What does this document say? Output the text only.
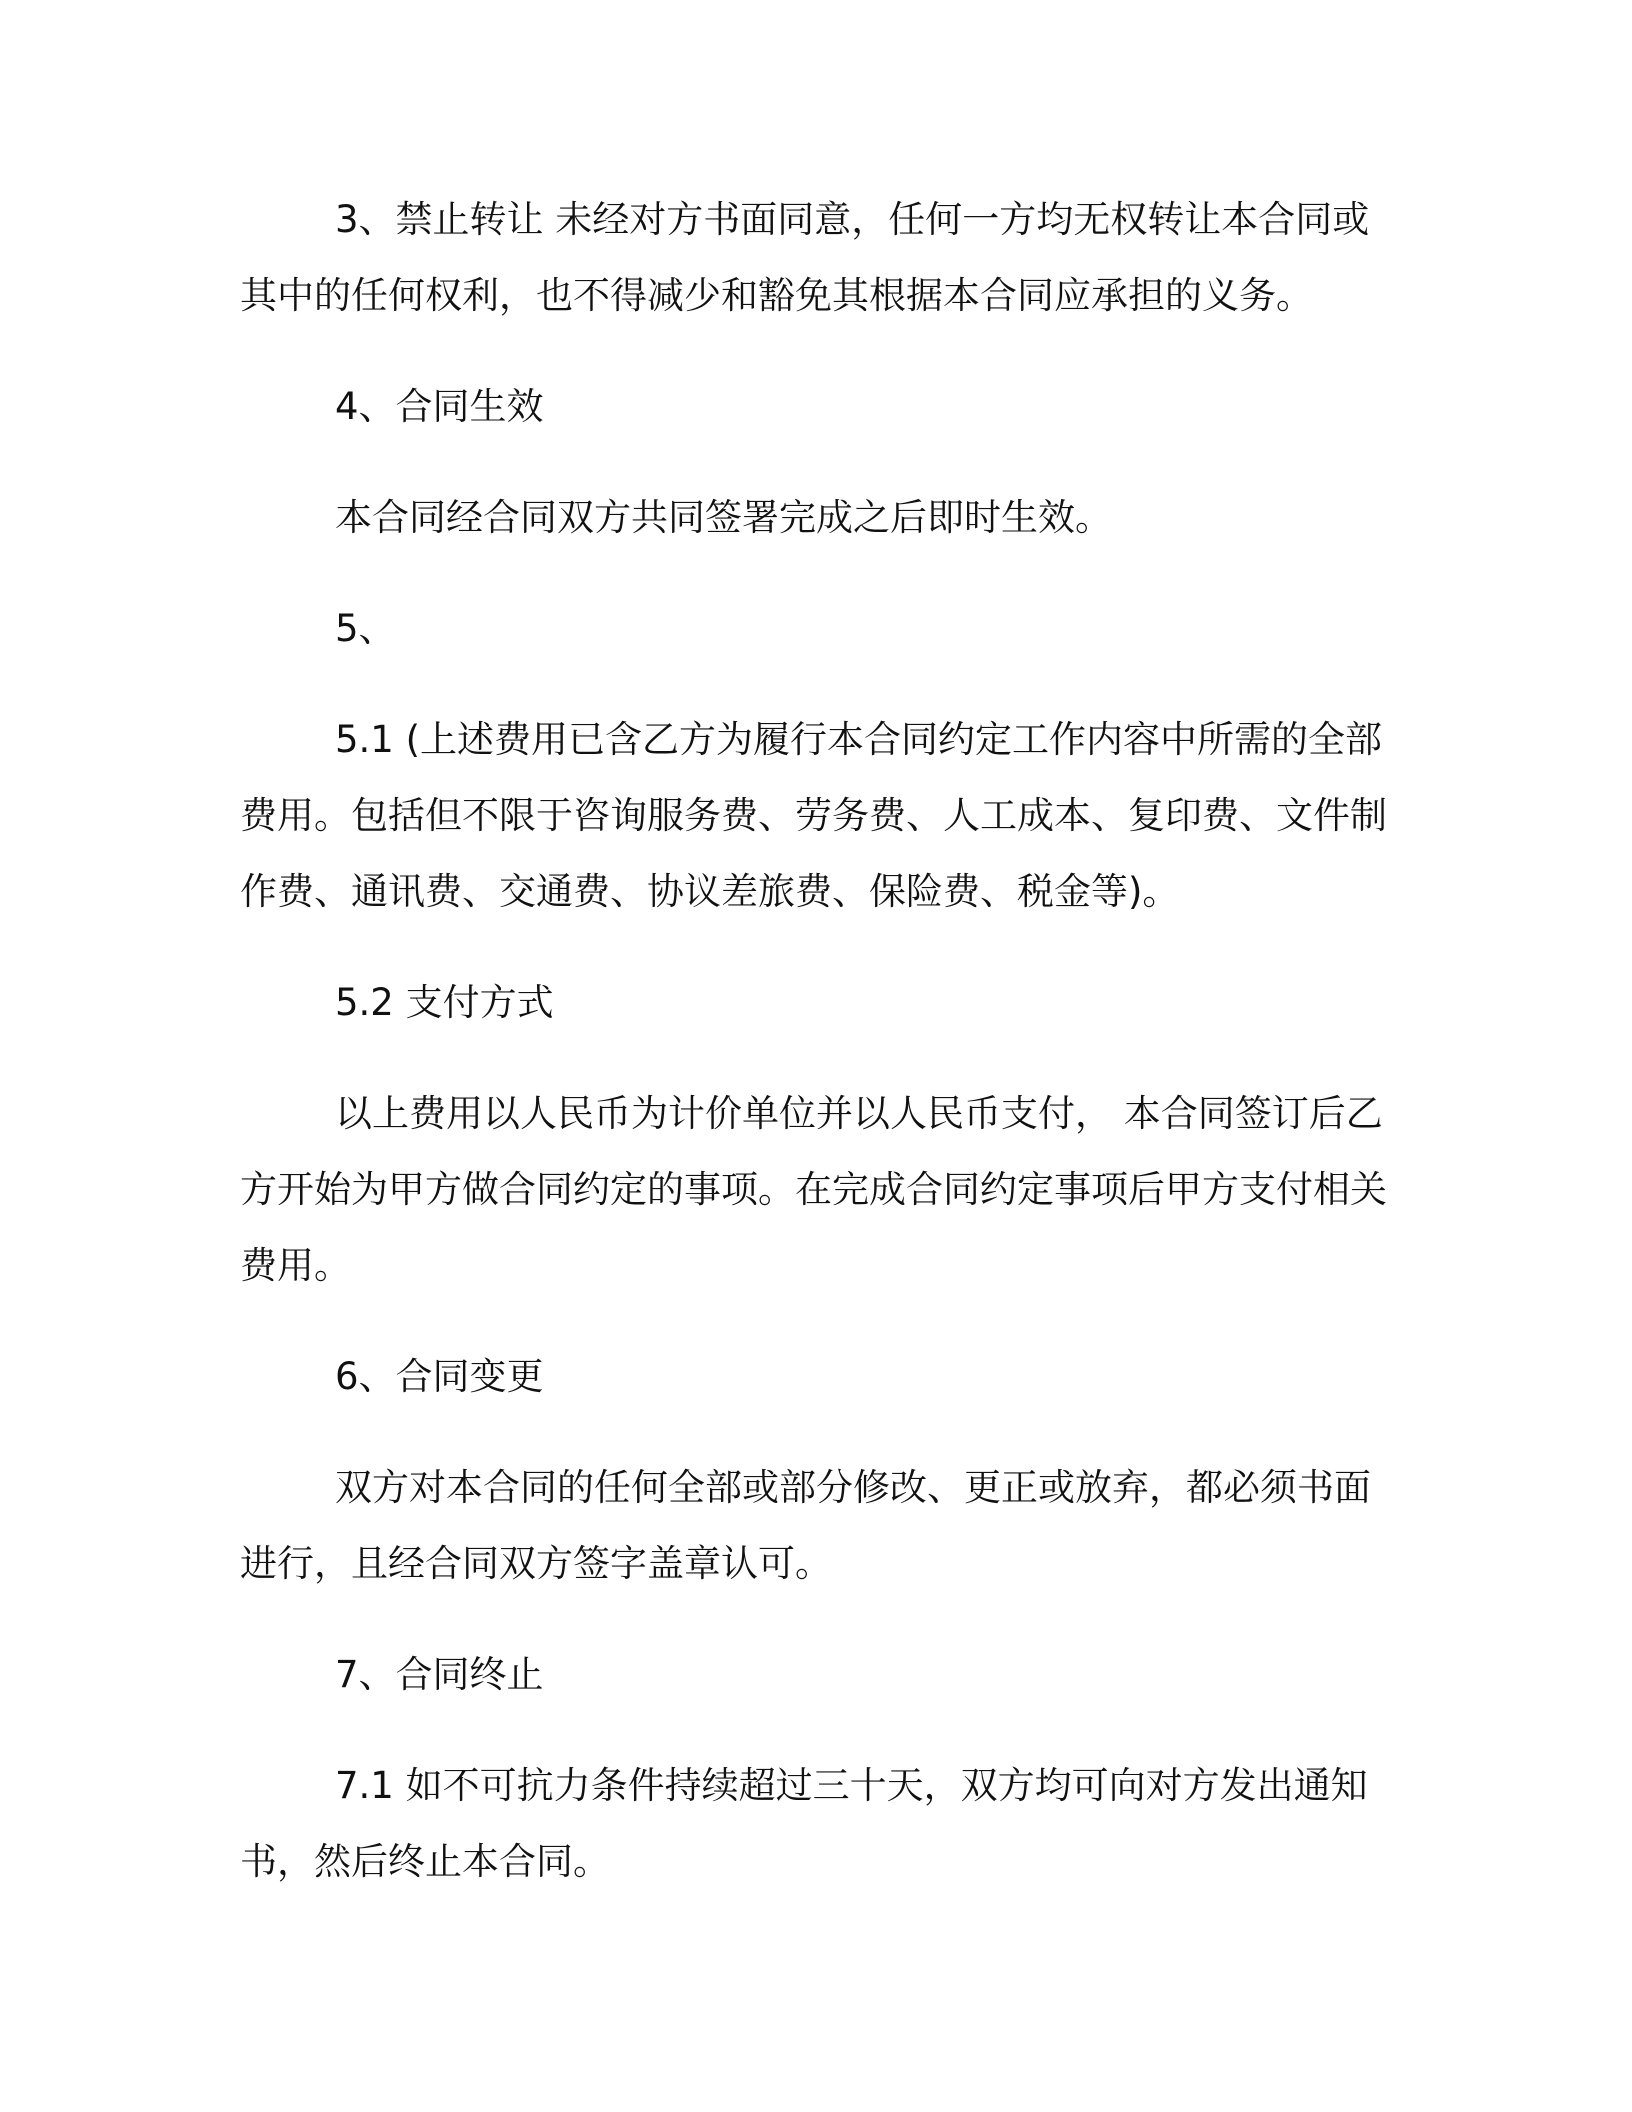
3、禁止转让 未经对方书面同意，任何一方均无权转让本合同或其中的任何权利，也不得减少和豁免其根据本合同应承担的义务。

4、合同生效

本合同经合同双方共同签署完成之后即时生效。

5、

5.1 (上述费用已含乙方为履行本合同约定工作内容中所需的全部费用。包括但不限于咨询服务费、劳务费、人工成本、复印费、文件制作费、通讯费、交通费、协议差旅费、保险费、税金等)。

5.2 支付方式

以上费用以人民币为计价单位并以人民币支付， 本合同签订后乙方开始为甲方做合同约定的事项。在完成合同约定事项后甲方支付相关费用。

6、合同变更

双方对本合同的任何全部或部分修改、更正或放弃，都必须书面进行，且经合同双方签字盖章认可。

7、合同终止

7.1 如不可抗力条件持续超过三十天，双方均可向对方发出通知书，然后终止本合同。
